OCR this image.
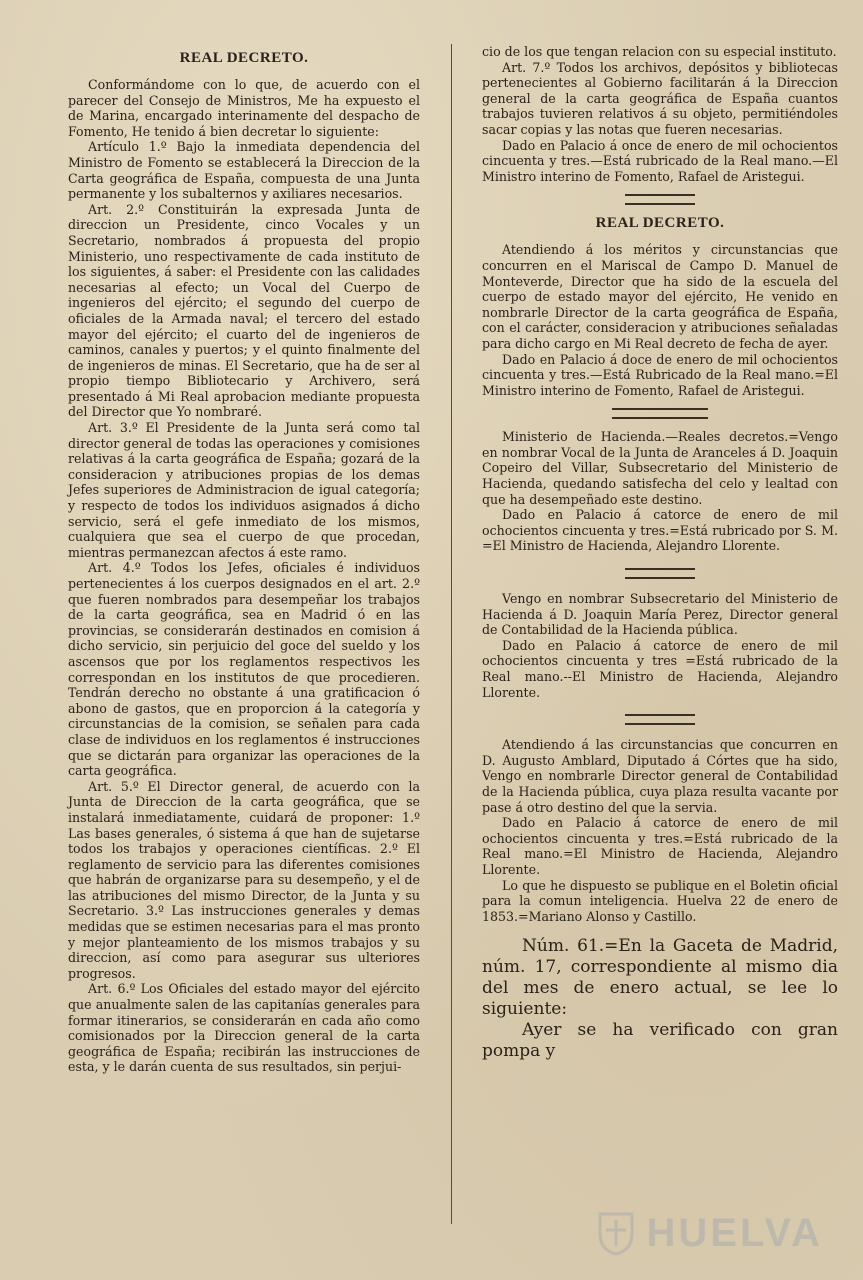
REAL DECRETO.

Conformándome con lo que, de acuerdo con el parecer del Consejo de Ministros, Me ha expuesto el de Marina, encargado interinamente del despacho de Fomento, He tenido á bien decretar lo siguiente:

Artículo 1.º Bajo la inmediata dependencia del Ministro de Fomento se establecerá la Direccion de la Carta geográfica de España, compuesta de una Junta permanente y los subalternos y axiliares necesarios.

Art. 2.º Constituirán la expresada Junta de direccion un Presidente, cinco Vocales y un Secretario, nombrados á propuesta del propio Ministerio, uno respectivamente de cada instituto de los siguientes, á saber: el Presidente con las calidades necesarias al efecto; un Vocal del Cuerpo de ingenieros del ejército; el segundo del cuerpo de oficiales de la Armada naval; el tercero del estado mayor del ejército; el cuarto del de ingenieros de caminos, canales y puertos; y el quinto finalmente del de ingenieros de minas. El Secretario, que ha de ser al propio tiempo Bibliotecario y Archivero, será presentado á Mi Real aprobacion mediante propuesta del Director que Yo nombraré.

Art. 3.º El Presidente de la Junta será como tal director general de todas las operaciones y comisiones relativas á la carta geográfica de España; gozará de la consideracion y atribuciones propias de los demas Jefes superiores de Administracion de igual categoría; y respecto de todos los individuos asignados á dicho servicio, será el gefe inmediato de los mismos, cualquiera que sea el cuerpo de que procedan, mientras permanezcan afectos á este ramo.

Art. 4.º Todos los Jefes, oficiales é individuos pertenecientes á los cuerpos designados en el art. 2.º que fueren nombrados para desempeñar los trabajos de la carta geográfica, sea en Madrid ó en las provincias, se considerarán destinados en comision á dicho servicio, sin perjuicio del goce del sueldo y los ascensos que por los reglamentos respectivos les correspondan en los institutos de que procedieren. Tendrán derecho no obstante á una gratificacion ó abono de gastos, que en proporcion á la categoría y circunstancias de la comision, se señalen para cada clase de individuos en los reglamentos é instrucciones que se dictarán para organizar las operaciones de la carta geográfica.

Art. 5.º El Director general, de acuerdo con la Junta de Direccion de la carta geográfica, que se instalará inmediatamente, cuidará de proponer: 1.º Las bases generales, ó sistema á que han de sujetarse todos los trabajos y operaciones científicas. 2.º El reglamento de servicio para las diferentes comisiones que habrán de organizarse para su desempeño, y el de las atribuciones del mismo Director, de la Junta y su Secretario. 3.º Las instrucciones generales y demas medidas que se estimen necesarias para el mas pronto y mejor planteamiento de los mismos trabajos y su direccion, así como para asegurar sus ulteriores progresos.

Art. 6.º Los Oficiales del estado mayor del ejército que anualmente salen de las capitanías generales para formar itinerarios, se considerarán en cada año como comisionados por la Direccion general de la carta geográfica de España; recibirán las instrucciones de esta, y le darán cuenta de sus resultados, sin perjui-

cio de los que tengan relacion con su especial instituto.

Art. 7.º Todos los archivos, depósitos y bibliotecas pertenecientes al Gobierno facilitarán á la Direccion general de la carta geográfica de España cuantos trabajos tuvieren relativos á su objeto, permitiéndoles sacar copias y las notas que fueren necesarias.

Dado en Palacio á once de enero de mil ochocientos cincuenta y tres.—Está rubricado de la Real mano.—El Ministro interino de Fomento, Rafael de Aristegui.

REAL DECRETO.

Atendiendo á los méritos y circunstancias que concurren en el Mariscal de Campo D. Manuel de Monteverde, Director que ha sido de la escuela del cuerpo de estado mayor del ejército, He venido en nombrarle Director de la carta geográfica de España, con el carácter, consideracion y atribuciones señaladas para dicho cargo en Mi Real decreto de fecha de ayer.

Dado en Palacio á doce de enero de mil ochocientos cincuenta y tres.—Está Rubricado de la Real mano.=El Ministro interino de Fomento, Rafael de Aristegui.

Ministerio de Hacienda.—Reales decretos.=Vengo en nombrar Vocal de la Junta de Aranceles á D. Joaquin Copeiro del Villar, Subsecretario del Ministerio de Hacienda, quedando satisfecha del celo y lealtad con que ha desempeñado este destino.

Dado en Palacio á catorce de enero de mil ochocientos cincuenta y tres.=Está rubricado por S. M. =El Ministro de Hacienda, Alejandro Llorente.

Vengo en nombrar Subsecretario del Ministerio de Hacienda á D. Joaquin María Perez, Director general de Contabilidad de la Hacienda pública.

Dado en Palacio á catorce de enero de mil ochocientos cincuenta y tres =Está rubricado de la Real mano.--El Ministro de Hacienda, Alejandro Llorente.

Atendiendo á las circunstancias que concurren en D. Augusto Amblard, Diputado á Córtes que ha sido, Vengo en nombrarle Director general de Contabilidad de la Hacienda pública, cuya plaza resulta vacante por pase á otro destino del que la servia.

Dado en Palacio á catorce de enero de mil ochocientos cincuenta y tres.=Está rubricado de la Real mano.=El Ministro de Hacienda, Alejandro Llorente.

Lo que he dispuesto se publique en el Boletin oficial para la comun inteligencia. Huelva 22 de enero de 1853.=Mariano Alonso y Castillo.

Núm. 61.=En la Gaceta de Madrid, núm. 17, correspondiente al mismo dia del mes de enero actual, se lee lo siguiente:

Ayer se ha verificado con gran pompa y

HUELVA
